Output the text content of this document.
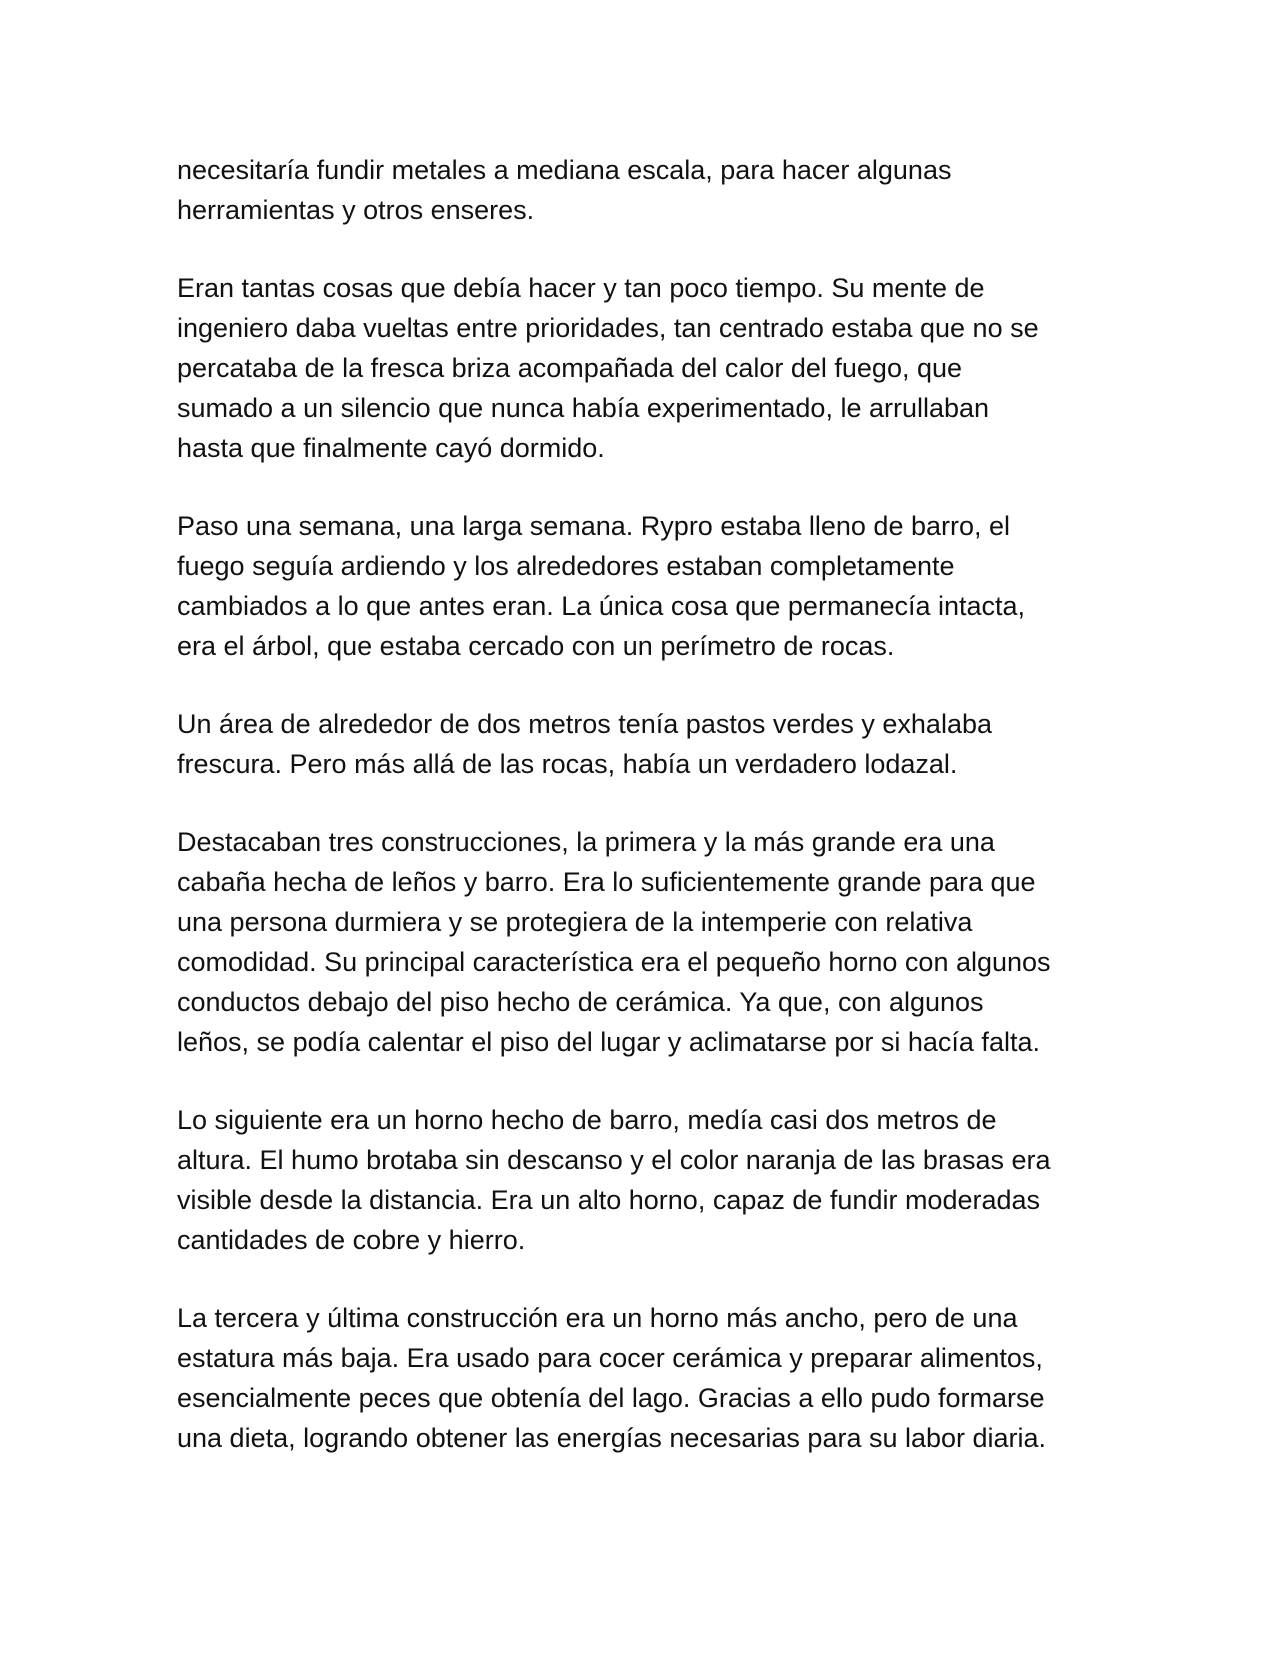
necesitaría fundir metales a mediana escala, para hacer algunas
herramientas y otros enseres.

Eran tantas cosas que debía hacer y tan poco tiempo. Su mente de
ingeniero daba vueltas entre prioridades, tan centrado estaba que no se
percataba de la fresca briza acompañada del calor del fuego, que
sumado a un silencio que nunca había experimentado, le arrullaban
hasta que finalmente cayó dormido.

Paso una semana, una larga semana. Rypro estaba lleno de barro, el
fuego seguía ardiendo y los alrededores estaban completamente
cambiados a lo que antes eran. La única cosa que permanecía intacta,
era el árbol, que estaba cercado con un perímetro de rocas.

Un área de alrededor de dos metros tenía pastos verdes y exhalaba
frescura. Pero más allá de las rocas, había un verdadero lodazal.

Destacaban tres construcciones, la primera y la más grande era una
cabaña hecha de leños y barro. Era lo suficientemente grande para que
una persona durmiera y se protegiera de la intemperie con relativa
comodidad. Su principal característica era el pequeño horno con algunos
conductos debajo del piso hecho de cerámica. Ya que, con algunos
leños, se podía calentar el piso del lugar y aclimatarse por si hacía falta.

Lo siguiente era un horno hecho de barro, medía casi dos metros de
altura. El humo brotaba sin descanso y el color naranja de las brasas era
visible desde la distancia. Era un alto horno, capaz de fundir moderadas
cantidades de cobre y hierro.

La tercera y última construcción era un horno más ancho, pero de una
estatura más baja. Era usado para cocer cerámica y preparar alimentos,
esencialmente peces que obtenía del lago. Gracias a ello pudo formarse
una dieta, logrando obtener las energías necesarias para su labor diaria.
